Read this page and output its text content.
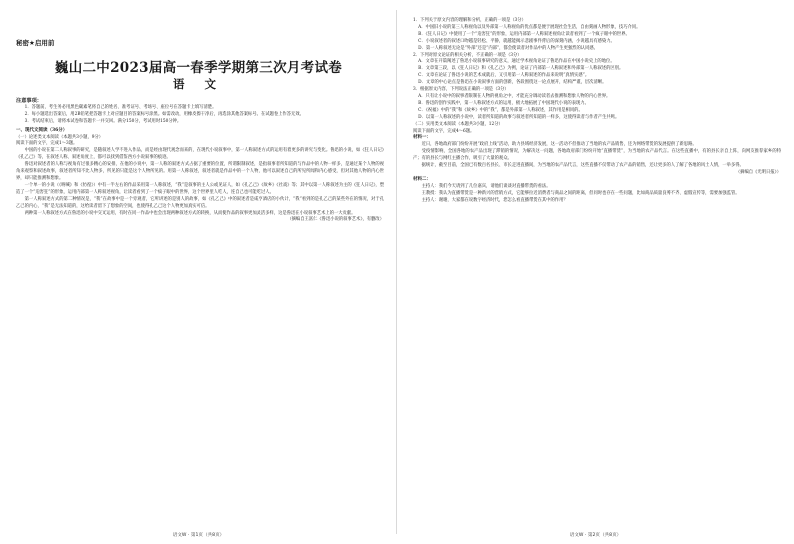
秘密★启用前
巍山二中2023届高一春季学期第三次月考试卷
语 文

注意事项：

1．答题前，考生务必用黑色碳素笔将自己的姓名、准考证号、考场号、座位号在答题卡上填写清楚。

2．每小题选出答案后，用2B铅笔把答题卡上对应题目的答案标号涂黑。如需改动，用橡皮擦干净后，再选涂其他答案标号。在试题卷上作答无效。

3．考试结束后，请将本试卷和答题卡一并交回。满分150分，考试用时150分钟。

一、现代文阅读（36分）

（一）论述类文本阅读（本题共3小题，9分）

阅读下面的文字，完成1～3题。

中国的小说在第二人称叙事的研究，是随叙述人学不进入作品，而是经由现代观念而来的，在现代小说叙事中，第一人称叙述方式的运用有着更多的讲究与变化。鲁迅的小说，如《狂人日记》《孔乙己》等，在叙述人称、叙述角度上，都可以找到借鉴西方小说叙事的痕迹。

鲁迅对叙述者的人称与视角有过很多精心的安排，在他的小说中，第一人称的叙述方式占据了重要的位置，所谓限制叙述，是指叙事者所知道的与作品中的人物一样多，是通过某个人物的视角来观察和叙述故事，叙述者所知不比人物多，所见的只能是这个人物所见的。用第一人称叙述，叙述者就是作品中的一个人物，他可以叙述自己的所见所闻和内心感受，但对其他人物的内心世界，却只能推测和想象。

一个单一的小说（《呐喊》和《彷徨》）中有一半左右的作品采用第一人称叙述，“我”是叙事的主人公或见证人，如《孔乙己》《故乡》《社戏》等；其中以第一人称叙述为主的《狂人日记》，塑造了一个“迫害狂”的形象，运用内部第一人称叙述视角，让读者看到了一个疯子眼中的世界，这个世界里人吃人，连自己也可能吃过人。

第一人称叙述方式的第二种情况是，“我”在故事中是一个旁观者，它所讲述的是别人的故事，如《孔乙己》中的叙述者是咸亨酒店的小伙计，“我”看到的是孔乙己的某些外在的情况，对于孔乙己的内心，“我”是无法知道的，这给读者留下了想象的空间，也使得孔乙己这个人物更加真实可信。

两种第一人称叙述方式在鲁迅的小说中交叉运用，有时在同一作品中也会出现两种叙述方式的转换，从而使作品的叙事更加灵活多样，这是鲁迅在小说叙事艺术上的一大贡献。

（摘编自王富仁《鲁迅小说的叙事艺术》，有删改）

语文W · 第1页（共8页）

1．下列关于原文内容的理解和分析，正确的一项是（3分）

A．中国旧小说的第三人称视角以及外部第一人称视角的优点都是便于展现社会生活，自由刻画人物形象，技巧介同。

B．《狂人日记》中使用了一个“迫害狂”的形象，运用内部第一人称叙述视角让读者看到了一个疯子眼中的世界。

C．小说叙述者的叙述口吻越是轻松、平静，就越能揭示悲剧事件背后的深刻内涵，小说越具有感染力。

D．第一人称叙述无论是“外部”还是“内部”，都会使读者对作品中的人物产生更强烈的认同感。

2．下列对原文论证的相关分析，不正确的一项是（3分）

A．文章在开篇阐述了鲁迅小说叙事研究的意义，通过学术视角论证了鲁迅作品在中国小说史上的地位。

B．文章第三段，以《狂人日记》和《孔乙己》为例，论证了内部第一人称叙述和外部第一人称叙述的区别。

C．文章在论证了鲁迅小说的艺术成就后，又引用第一人称叙述的作品来说明“真情实感”。

D．文章的中心论点是鲁迅在小说叙事方面的创新，各段围绕这一论点展开，结构严谨，层次清晰。

3．根据原文内容，下列说法正确的一项是（3分）

A．只有让小说中的叙事者限制在人物的视角之中，才能充分调动读者去推测和想象人物的内心世界。

B．鲁迅的创作实践中，第一人称叙述方式的运用，极大地拓展了中国现代小说的表现力。

C．《祝福》中的“我”和《故乡》中的“我”，都是外部第一人称叙述，其作用是相同的。

D．以第一人称叙述的小说中，读者所知道的故事与叙述者所知道的一样多，这使得读者与作者产生共鸣。

（二）实用类文本阅读（本题共3小题，12分）

阅读下面的文字，完成4～6题。

材料一：

近日，各地政府部门纷纷开展“政府上线”活动，助力县域经济发展，这一活动不但推动了当地的农产品销售，还为网络带货的发展提供了新思路。

受疫情影响，全国各地的农产品出现了滞销的情况，为解决这一问题，各地政府部门纷纷开始“直播带货”，为当地的农产品代言。在这些直播中，有的县长亲自上阵，向网友推荐家乡的特产；有的县长与网红主播合作，吸引了大量的观众。

据统计，截至目前，全国已有数百名县长、市长走进直播间，为当地的农产品代言，这些直播不仅带动了农产品的销售，还让更多的人了解了各地的风土人情，一举多得。

（摘编自《光明日报》）

材料二：

主持人：我们今天请到了几位嘉宾，请他们谈谈对直播带货的看法。

王教授：我认为直播带货是一种新兴的营销方式，它能够拉近消费者与商品之间的距离，但同时也存在一些问题，比如商品质量良莠不齐、虚假宣传等，需要加强监管。

主持人：谢谢，大家都在说数字经济时代，您怎么看直播带货在其中的作用？

语文W · 第2页（共8页）
